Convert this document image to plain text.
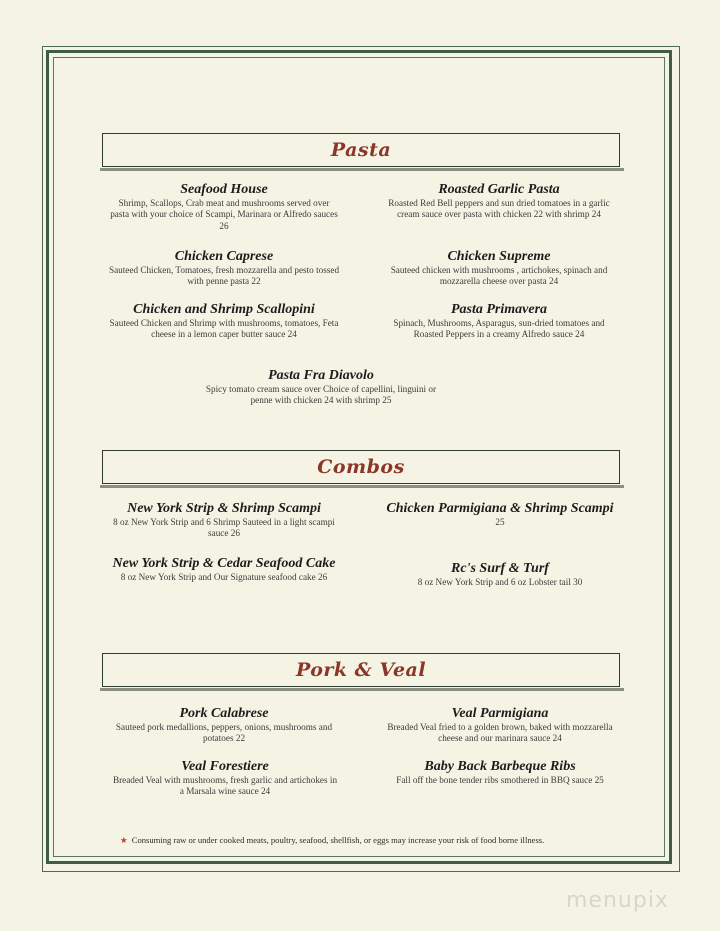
Pasta
Seafood House
Shrimp, Scallops, Crab meat and mushrooms served over pasta with your choice of Scampi, Marinara or Alfredo sauces 26
Roasted Garlic Pasta
Roasted Red Bell peppers and sun dried tomatoes in a garlic cream sauce over pasta with chicken 22 with shrimp 24
Chicken Caprese
Sauteed Chicken, Tomatoes, fresh mozzarella and pesto tossed with penne pasta 22
Chicken Supreme
Sauteed chicken with mushrooms , artichokes, spinach and mozzarella cheese over pasta 24
Chicken and Shrimp Scallopini
Sauteed Chicken and Shrimp with mushrooms, tomatoes, Feta cheese in a lemon caper butter sauce 24
Pasta Primavera
Spinach, Mushrooms, Asparagus, sun-dried tomatoes and Roasted Peppers in a creamy Alfredo sauce 24
Pasta Fra Diavolo
Spicy tomato cream sauce over Choice of capellini, linguini or penne with chicken 24 with shrimp 25
Combos
New York Strip & Shrimp Scampi
8 oz New York Strip and 6 Shrimp Sauteed in a light scampi sauce 26
Chicken Parmigiana & Shrimp Scampi
25
New York Strip & Cedar Seafood Cake
8 oz New York Strip and Our Signature seafood cake 26
Rc's Surf & Turf
8 oz New York Strip and 6 oz Lobster tail 30
Pork & Veal
Pork Calabrese
Sauteed pork medallions, peppers, onions, mushrooms and potatoes 22
Veal Parmigiana
Breaded Veal fried to a golden brown, baked with mozzarella cheese and our marinara sauce 24
Veal Forestiere
Breaded Veal with mushrooms, fresh garlic and artichokes in a Marsala wine sauce 24
Baby Back Barbeque Ribs
Fall off the bone tender ribs smothered in BBQ sauce 25
★ Consuming raw or under cooked meats, poultry, seafood, shellfish, or eggs may increase your risk of food borne illness.
menupix
